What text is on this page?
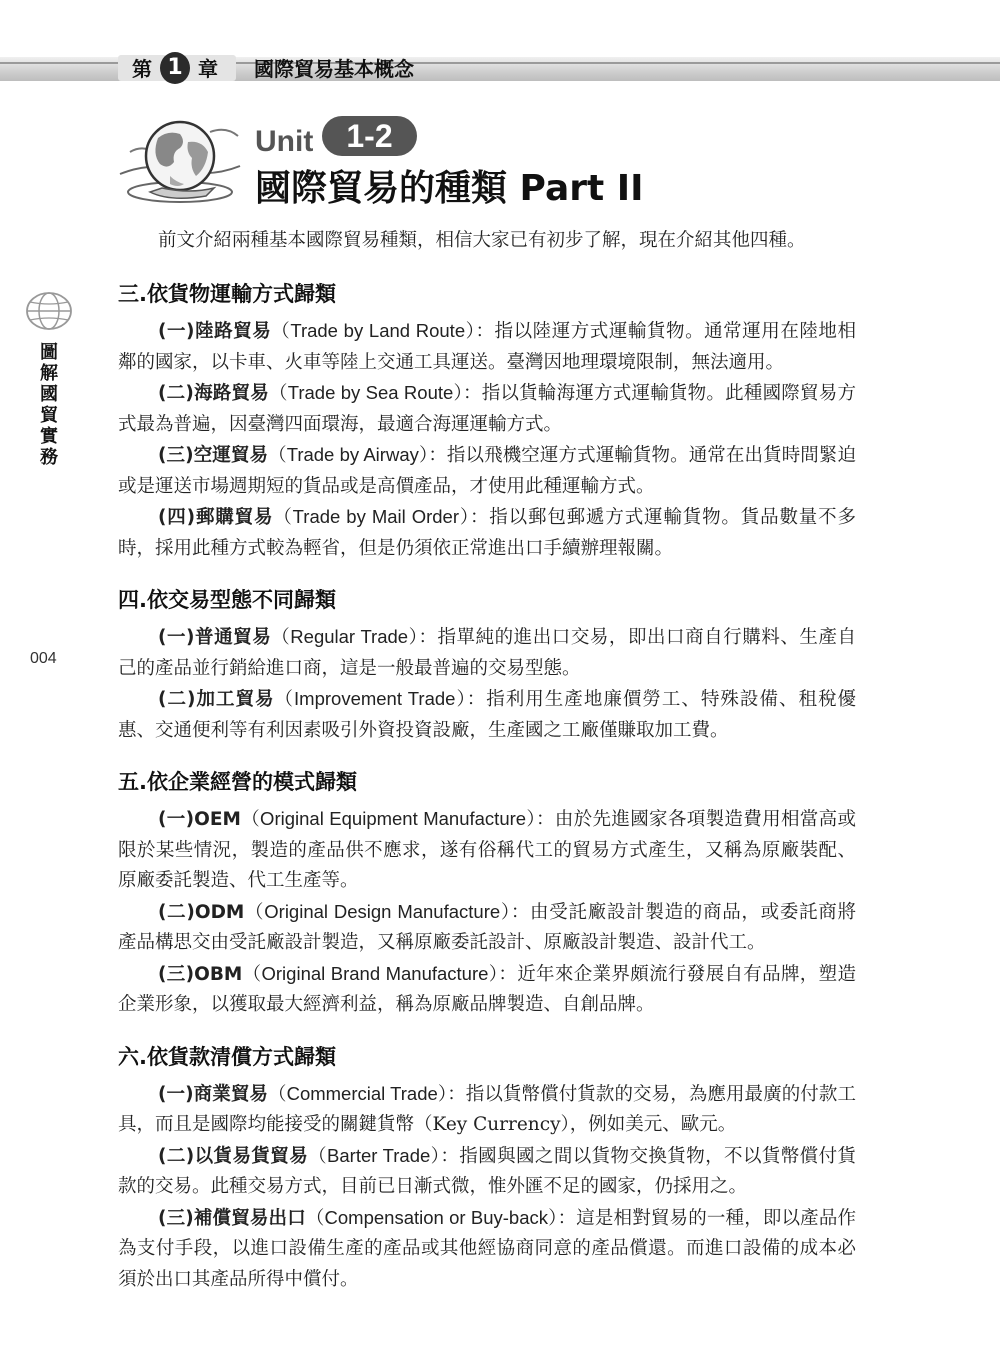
第 1 章 國際貿易基本概念
Unit	1-2
國際貿易的種類 Part II
圖解國貿實務
004

前文介紹兩種基本國際貿易種類，相信大家已有初步了解，現在介紹其他四種。

三.依貨物運輸方式歸類

(一)陸路貿易（Trade by Land Route）：指以陸運方式運輸貨物。通常運用在陸地相鄰的國家，以卡車、火車等陸上交通工具運送。臺灣因地理環境限制，無法適用。

(二)海路貿易（Trade by Sea Route）：指以貨輪海運方式運輸貨物。此種國際貿易方式最為普遍，因臺灣四面環海，最適合海運運輸方式。

(三)空運貿易（Trade by Airway）：指以飛機空運方式運輸貨物。通常在出貨時間緊迫或是運送市場週期短的貨品或是高價產品，才使用此種運輸方式。

(四)郵購貿易（Trade by Mail Order）：指以郵包郵遞方式運輸貨物。貨品數量不多時，採用此種方式較為輕省，但是仍須依正常進出口手續辦理報關。

四.依交易型態不同歸類

(一)普通貿易（Regular Trade）：指單純的進出口交易，即出口商自行購料、生產自己的產品並行銷給進口商，這是一般最普遍的交易型態。

(二)加工貿易（Improvement Trade）：指利用生產地廉價勞工、特殊設備、租稅優惠、交通便利等有利因素吸引外資投資設廠，生產國之工廠僅賺取加工費。

五.依企業經營的模式歸類

(一)OEM（Original Equipment Manufacture）：由於先進國家各項製造費用相當高或限於某些情況，製造的產品供不應求，遂有俗稱代工的貿易方式產生，又稱為原廠裝配、原廠委託製造、代工生產等。

(二)ODM（Original Design Manufacture）：由受託廠設計製造的商品，或委託商將產品構思交由受託廠設計製造，又稱原廠委託設計、原廠設計製造、設計代工。

(三)OBM（Original Brand Manufacture）：近年來企業界頗流行發展自有品牌，塑造企業形象，以獲取最大經濟利益，稱為原廠品牌製造、自創品牌。

六.依貨款清償方式歸類

(一)商業貿易（Commercial Trade）：指以貨幣償付貨款的交易，為應用最廣的付款工具，而且是國際均能接受的關鍵貨幣（Key Currency），例如美元、歐元。

(二)以貨易貨貿易（Barter Trade）：指國與國之間以貨物交換貨物，不以貨幣償付貨款的交易。此種交易方式，目前已日漸式微，惟外匯不足的國家，仍採用之。

(三)補償貿易出口（Compensation or Buy-back）：這是相對貿易的一種，即以產品作為支付手段，以進口設備生產的產品或其他經協商同意的產品償還。而進口設備的成本必須於出口其產品所得中償付。
